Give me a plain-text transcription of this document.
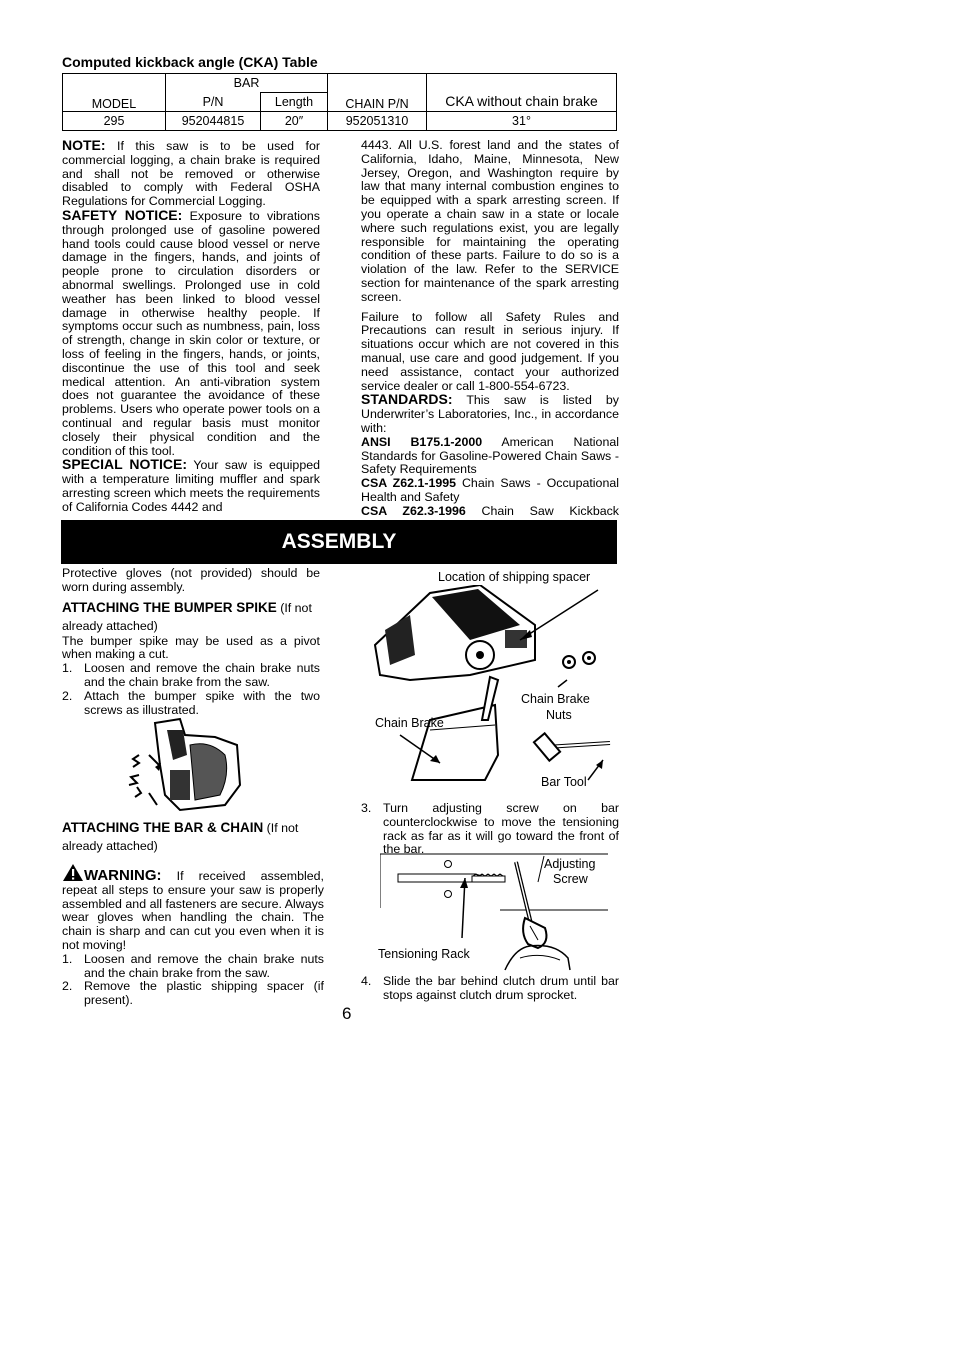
Computed kickback angle (CKA) Table
MODEL	BAR		CHAIN P/N	CKA without chain brake
	P/N	Length		
295	952044815	20″	952051310	31°

NOTE: If this saw is to be used for commercial logging, a chain brake is required and shall not be removed or otherwise disabled to comply with Federal OSHA Regulations for Commercial Logging.

SAFETY NOTICE: Exposure to vibrations through prolonged use of gasoline powered hand tools could cause blood vessel or nerve damage in the fingers, hands, and joints of people prone to circulation disorders or abnormal swellings. Prolonged use in cold weather has been linked to blood vessel damage in otherwise healthy people. If symptoms occur such as numbness, pain, loss of strength, change in skin color or texture, or loss of feeling in the fingers, hands, or joints, discontinue the use of this tool and seek medical attention. An anti-vibration system does not guarantee the avoidance of these problems. Users who operate power tools on a continual and regular basis must monitor closely their physical condition and the condition of this tool.

SPECIAL NOTICE: Your saw is equipped with a temperature limiting muffler and spark arresting screen which meets the requirements of California Codes 4442 and

4443. All U.S. forest land and the states of California, Idaho, Maine, Minnesota, New Jersey, Oregon, and Washington require by law that many internal combustion engines to be equipped with a spark arresting screen. If you operate a chain saw in a state or locale where such regulations exist, you are legally responsible for maintaining the operating condition of these parts. Failure to do so is a violation of the law. Refer to the SERVICE section for maintenance of the spark arresting screen.

Failure to follow all Safety Rules and Precautions can result in serious injury. If situations occur which are not covered in this manual, use care and good judgement. If you need assistance, contact your authorized service dealer or call 1-800-554-6723.

STANDARDS: This saw is listed by Underwriter’s Laboratories, Inc., in accordance with:

ANSI B175.1-2000 American National Standards for Gasoline-Powered Chain Saws - Safety Requirements

CSA Z62.1-1995 Chain Saws - Occupational Health and Safety

CSA Z62.3-1996 Chain Saw Kickback

ASSEMBLY

Protective gloves (not provided) should be worn during assembly.

ATTACHING THE BUMPER SPIKE (If not already attached)

The bumper spike may be used as a pivot when making a cut.

1. Loosen and remove the chain brake nuts and the chain brake from the saw.
2. Attach the bumper spike with the two screws as illustrated.
ATTACHING THE BAR & CHAIN (If not already attached)

WARNING: If received assembled, repeat all steps to ensure your saw is properly assembled and all fasteners are secure. Always wear gloves when handling the chain. The chain is sharp and can cut you even when it is not moving!

1. Loosen and remove the chain brake nuts and the chain brake from the saw.
2. Remove the plastic shipping spacer (if present).
Location of shipping spacer
Chain Brake
Nuts
Chain Brake
Bar Tool
3. Turn adjusting screw on bar counterclockwise to move the tensioning rack as far as it will go toward the front of the bar.
Adjusting
Screw
Tensioning Rack
4. Slide the bar behind clutch drum until bar stops against clutch drum sprocket.
6
